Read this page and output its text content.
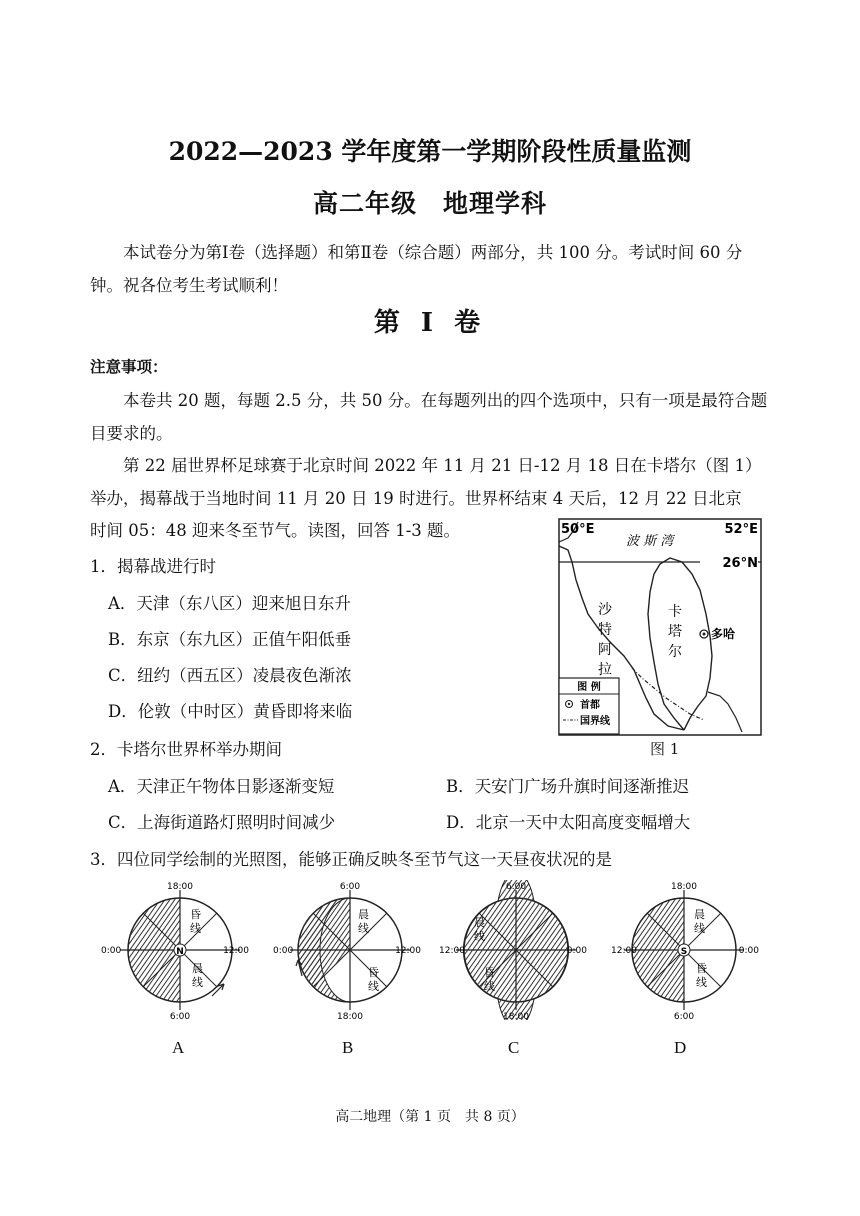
2022—2023 学年度第一学期阶段性质量监测
高二年级　地理学科
本试卷分为第Ⅰ卷（选择题）和第Ⅱ卷（综合题）两部分，共 100 分。考试时间 60 分钟。祝各位考生考试顺利！
第 Ⅰ 卷
注意事项：
本卷共 20 题，每题 2.5 分，共 50 分。在每题列出的四个选项中，只有一项是最符合题目要求的。
第 22 届世界杯足球赛于北京时间 2022 年 11 月 21 日-12 月 18 日在卡塔尔（图 1）
举办，揭幕战于当地时间 11 月 20 日 19 时进行。世界杯结束 4 天后，12 月 22 日北京
时间 05：48 迎来冬至节气。读图，回答 1-3 题。
1．揭幕战进行时
A．天津（东八区）迎来旭日东升
B．东京（东九区）正值午阳低垂
C．纽约（西五区）凌晨夜色渐浓
D．伦敦（中时区）黄昏即将来临
2．卡塔尔世界杯举办期间
A．天津正午物体日影逐渐变短	B．天安门广场升旗时间逐渐推迟
C．上海街道路灯照明时间减少	D．北京一天中太阳高度变幅增大
3．四位同学绘制的光照图，能够正确反映冬至节气这一天昼夜状况的是
26°N
50°E	52°E
波 斯 湾
沙
特
阿
拉
卡
塔
尔
多哈
图 例
首都
国界线
图 1
N
18:00
6:00
0:00	12:00
昏
线
晨
线
6:00
18:00
0:00	12:00
晨
线
昏
线
6:00
18:00
12:00	0:00
晨
线
昏
线
S
18:00
6:00
12:00	0:00
晨
线
昏
线
A	B	C	D
高二地理（第 1 页　共 8 页）
